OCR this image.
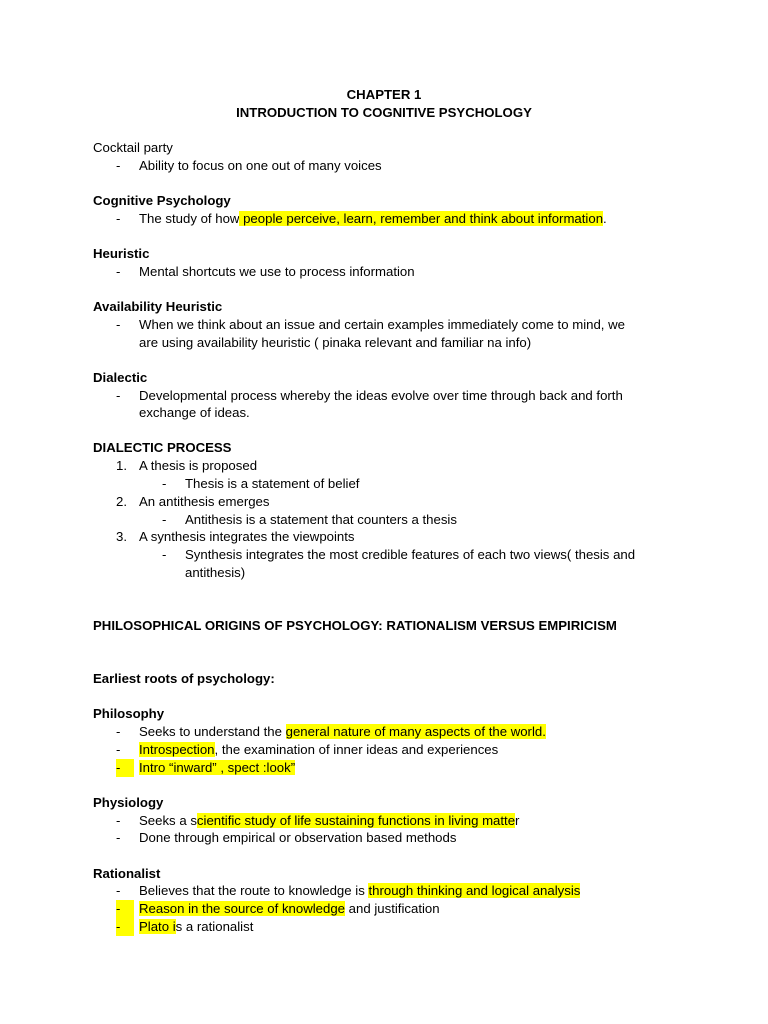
CHAPTER 1
INTRODUCTION TO COGNITIVE PSYCHOLOGY
Cocktail party
- Ability to focus on one out of many voices
Cognitive Psychology
- The study of how people perceive, learn, remember and think about information.
Heuristic
- Mental shortcuts we use to process information
Availability Heuristic
- When we think about an issue and certain examples immediately come to mind, we
are using availability heuristic ( pinaka relevant and familiar na info)
Dialectic
- Developmental process whereby the ideas evolve over time through back and forth
exchange of ideas.
DIALECTIC PROCESS
1. A thesis is proposed
- Thesis is a statement of belief
2. An antithesis emerges
- Antithesis is a statement that counters a thesis
3. A synthesis integrates the viewpoints
- Synthesis integrates the most credible features of each two views( thesis and
antithesis)
PHILOSOPHICAL ORIGINS OF PSYCHOLOGY: RATIONALISM VERSUS EMPIRICISM
Earliest roots of psychology:
Philosophy
- Seeks to understand the general nature of many aspects of the world.
- Introspection, the examination of inner ideas and experiences
-	Intro “inward” , spect :look”
Physiology
- Seeks a scientific study of life sustaining functions in living matter
- Done through empirical or observation based methods
Rationalist
- Believes that the route to knowledge is through thinking and logical analysis
-	Reason in the source of knowledge and justification
-	Plato is a rationalist
